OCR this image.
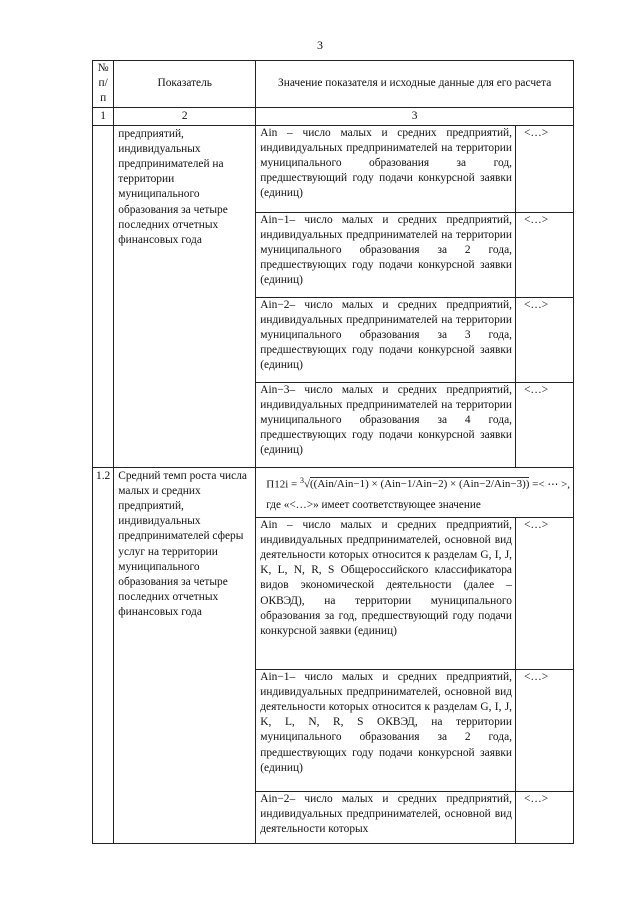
3
№ п/п	Показатель	Значение показателя и исходные данные для его расчета	
1	2	3	
	предприятий, индивидуальных предпринимателей на территории муниципального образования за четыре последних отчетных финансовых года	Ain – число малых и средних предприятий, индивидуальных предпринимателей на территории муниципального образования за год, предшествующий году подачи конкурсной заявки (единиц)	<…>
		Ain−1– число малых и средних предприятий, индивидуальных предпринимателей на территории муниципального образования за 2 года, предшествующих году подачи конкурсной заявки (единиц)	<…>
		Ain−2– число малых и средних предприятий, индивидуальных предпринимателей на территории муниципального образования за 3 года, предшествующих году подачи конкурсной заявки (единиц)	<…>
		Ain−3– число малых и средних предприятий, индивидуальных предпринимателей на территории муниципального образования за 4 года, предшествующих году подачи конкурсной заявки (единиц)	<…>
1.2	Средний темп роста числа малых и средних предприятий, индивидуальных предпринимателей сферы услуг на территории муниципального образования за четыре последних отчетных финансовых года	П12i = $^3$√((Ain/Ain−1) × (Ain−1/Ain−2) × (Ain−2/Ain−3)) =< ⋯ >,
где «<…>» имеет соответствующее значение	

		Ain – число малых и средних предприятий, индивидуальных предпринимателей, основной вид деятельности которых относится к разделам G, I, J, K, L, N, R, S Общероссийского классификатора видов экономической деятельности (далее – ОКВЭД), на территории муниципального образования за год, предшествующий году подачи конкурсной заявки (единиц)	<…>
		Ain−1– число малых и средних предприятий, индивидуальных предпринимателей, основной вид деятельности которых относится к разделам G, I, J, K, L, N, R, S ОКВЭД, на территории муниципального образования за 2 года, предшествующих году подачи конкурсной заявки (единиц)	<…>
		Ain−2– число малых и средних предприятий, индивидуальных предпринимателей, основной вид деятельности которых	<…>
